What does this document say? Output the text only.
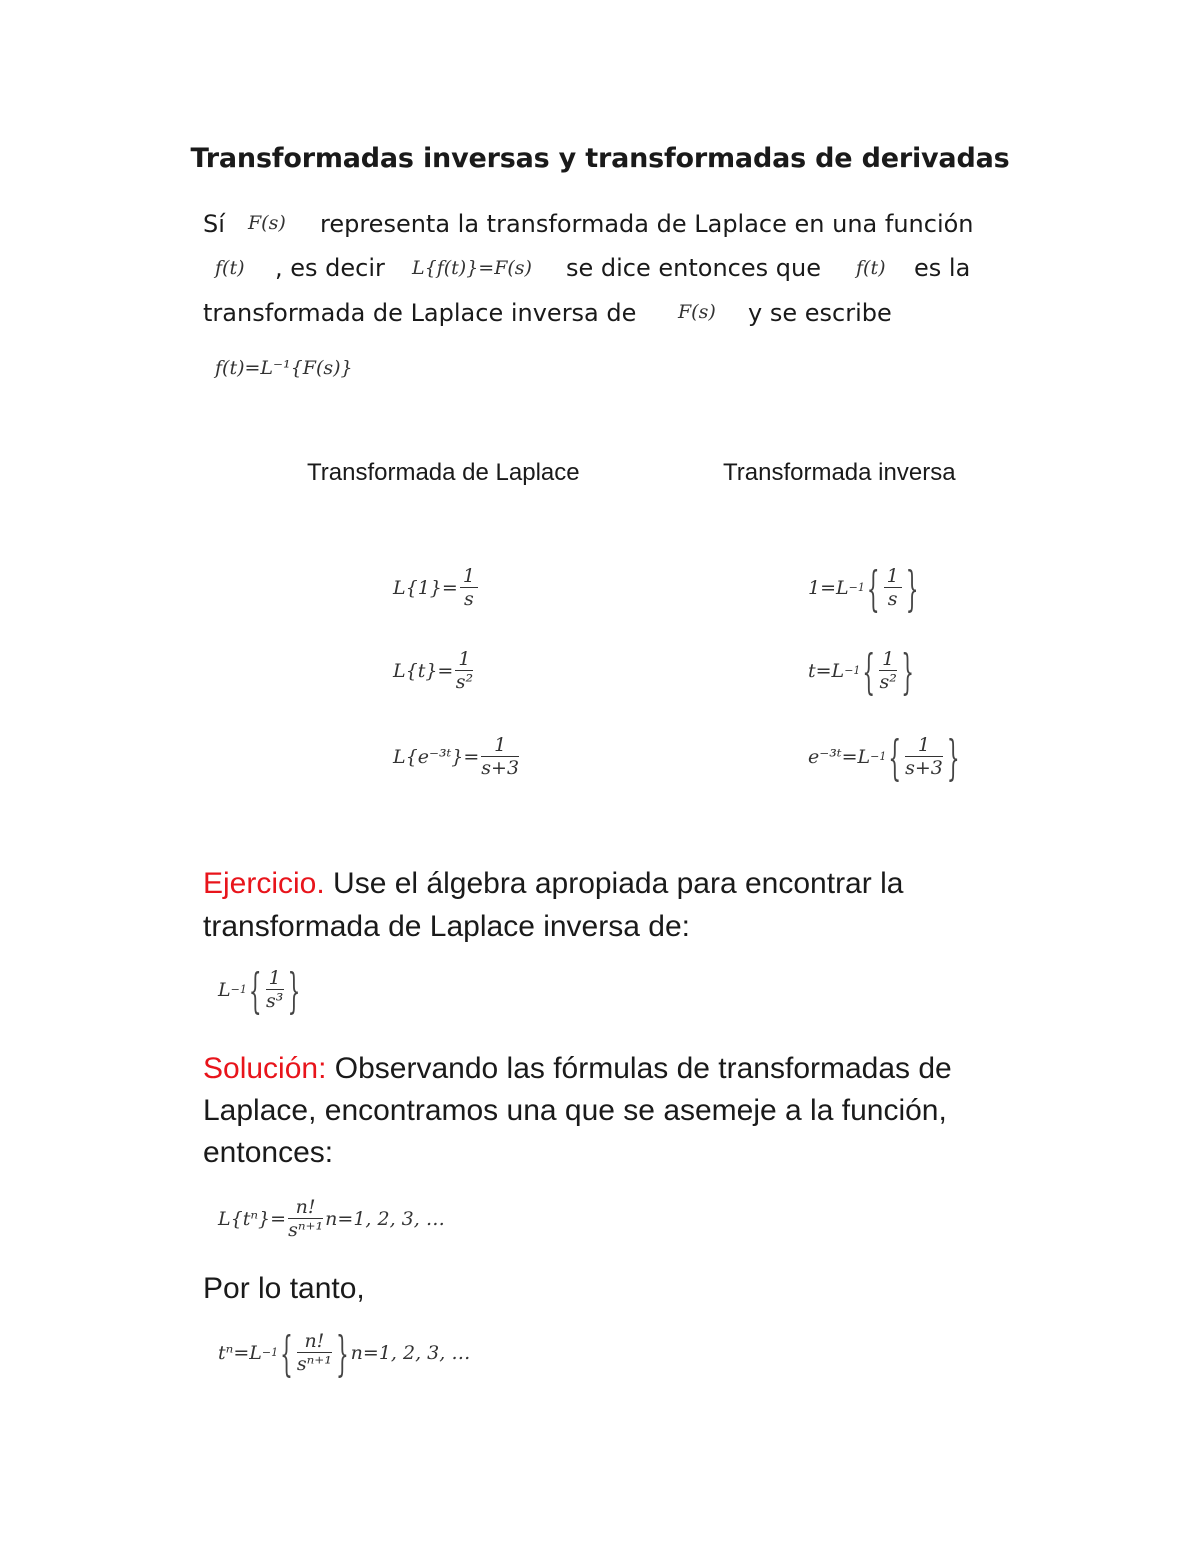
Transformadas inversas y transformadas de derivadas
Sí F(s) representa la transformada de Laplace en una función
f(t) , es decir L{f(t)}=F(s) se dice entonces que f(t) es la
transformada de Laplace inversa de F(s) y se escribe
f(t)=L⁻¹{F(s)}
Transformada de Laplace	Transformada inversa
$L\{1\}= \frac{1}{s}$	1=L −1 { $\frac{1}{s}$ }
$L\{t\}= \frac{1}{\text{s²}}$	t=L −1 { $\frac{1}{\text{s²}}$ }
L{e⁻³ᵗ}= $\frac{1}{s+3}$	e⁻³ᵗ=L −1 { $\frac{1}{s+3}$ }
Ejercicio. Use el álgebra apropiada para encontrar la
transformada de Laplace inversa de:
L −1 { $\frac{1}{\text{s³}}$ }
Solución: Observando las fórmulas de transformadas de
Laplace, encontramos una que se asemeje a la función,
entonces:
$L\{t^n\}= \frac{n!}{\text{sⁿ⁺¹}} n=1$, 2, 3, …
Por lo tanto,
tⁿ=L −1 { $\frac{n!}{\text{sⁿ⁺¹}}$ } n=1, 2, 3, …
